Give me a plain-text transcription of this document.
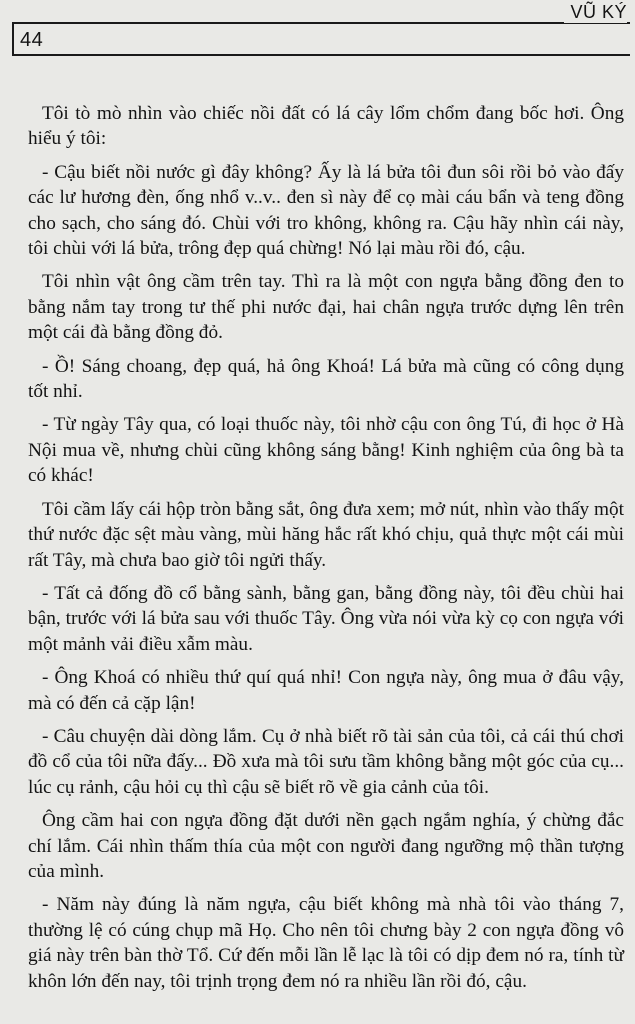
44
VŨ KÝ

Tôi tò mò nhìn vào chiếc nồi đất có lá cây lổm chổm đang bốc hơi. Ông hiểu ý tôi:

- Cậu biết nồi nước gì đây không? Ấy là lá bửa tôi đun sôi rồi bỏ vào đấy các lư hương đèn, ống nhổ v..v.. đen sì này để cọ mài cáu bẩn và teng đồng cho sạch, cho sáng đó. Chùi với tro không, không ra. Cậu hãy nhìn cái này, tôi chùi với lá bửa, trông đẹp quá chừng! Nó lại màu rồi đó, cậu.

Tôi nhìn vật ông cầm trên tay. Thì ra là một con ngựa bằng đồng đen to bằng nắm tay trong tư thế phi nước đại, hai chân ngựa trước dựng lên trên một cái đà bằng đồng đỏ.

- Ồ! Sáng choang, đẹp quá, hả ông Khoá! Lá bửa mà cũng có công dụng tốt nhỉ.

- Từ ngày Tây qua, có loại thuốc này, tôi nhờ cậu con ông Tú, đi học ở Hà Nội mua về, nhưng chùi cũng không sáng bằng! Kinh nghiệm của ông bà ta có khác!

Tôi cầm lấy cái hộp tròn bằng sắt, ông đưa xem; mở nút, nhìn vào thấy một thứ nước đặc sệt màu vàng, mùi hăng hắc rất khó chịu, quả thực một cái mùi rất Tây, mà chưa bao giờ tôi ngửi thấy.

- Tất cả đống đồ cổ bằng sành, bằng gan, bằng đồng này, tôi đều chùi hai bận, trước với lá bửa sau với thuốc Tây. Ông vừa nói vừa kỳ cọ con ngựa với một mảnh vải điều xẫm màu.

- Ông Khoá có nhiều thứ quí quá nhỉ! Con ngựa này, ông mua ở đâu vậy, mà có đến cả cặp lận!

- Câu chuyện dài dòng lắm. Cụ ở nhà biết rõ tài sản của tôi, cả cái thú chơi đồ cổ của tôi nữa đấy... Đồ xưa mà tôi sưu tầm không bằng một góc của cụ... lúc cụ rảnh, cậu hỏi cụ thì cậu sẽ biết rõ về gia cảnh của tôi.

Ông cầm hai con ngựa đồng đặt dưới nền gạch ngắm nghía, ý chừng đắc chí lắm. Cái nhìn thấm thía của một con người đang ngưỡng mộ thần tượng của mình.

- Năm này đúng là năm ngựa, cậu biết không mà nhà tôi vào tháng 7, thường lệ có cúng chụp mã Họ. Cho nên tôi chưng bày 2 con ngựa đồng vô giá này trên bàn thờ Tổ. Cứ đến mỗi lần lễ lạc là tôi có dịp đem nó ra, tính từ khôn lớn đến nay, tôi trịnh trọng đem nó ra nhiều lần rồi đó, cậu.
